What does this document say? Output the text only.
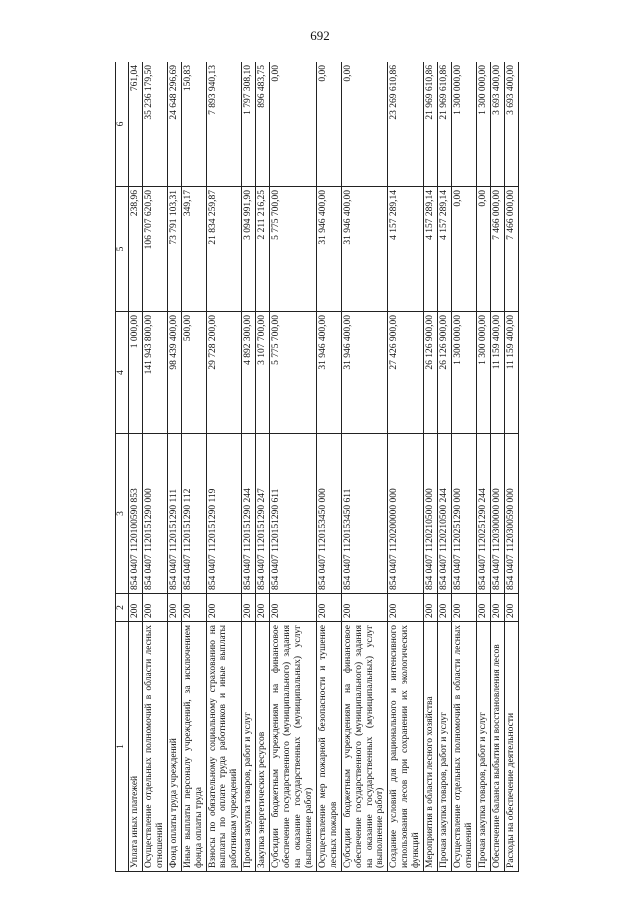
692
1	2	3	4	5	6
Уплата иных платежей	200	854 0407 1120100590 853	1 000,00	238,96	761,04
Осуществление отдельных полномочий в области лесных отношений	200	854 0407 1120151290 000	141 943 800,00	106 707 620,50	35 236 179,50
Фонд оплаты труда учреждений	200	854 0407 1120151290 111	98 439 400,00	73 791 103,31	24 648 296,69
Иные выплаты персоналу учреждений, за исключением фонда оплаты труда	200	854 0407 1120151290 112	500,00	349,17	150,83
Взносы по обязательному социальному страхованию на выплаты по оплате труда работников и иные выплаты работникам учреждений	200	854 0407 1120151290 119	29 728 200,00	21 834 259,87	7 893 940,13
Прочая закупка товаров, работ и услуг	200	854 0407 1120151290 244	4 892 300,00	3 094 991,90	1 797 308,10
Закупка энергетических ресурсов	200	854 0407 1120151290 247	3 107 700,00	2 211 216,25	896 483,75
Субсидии бюджетным учреждениям на финансовое обеспечение государственного (муниципального) задания на оказание государственных (муниципальных) услуг (выполнение работ)	200	854 0407 1120151290 611	5 775 700,00	5 775 700,00	0,00
Осуществление мер пожарной безопасности и тушение лесных пожаров	200	854 0407 1120153450 000	31 946 400,00	31 946 400,00	0,00
Субсидии бюджетным учреждениям на финансовое обеспечение государственного (муниципального) задания на оказание государственных (муниципальных) услуг (выполнение работ)	200	854 0407 1120153450 611	31 946 400,00	31 946 400,00	0,00
Создание условий для рационального и интенсивного использования лесов при сохранении их экологических функций	200	854 0407 1120200000 000	27 426 900,00	4 157 289,14	23 269 610,86
Мероприятия в области лесного хозяйства	200	854 0407 1120210500 000	26 126 900,00	4 157 289,14	21 969 610,86
Прочая закупка товаров, работ и услуг	200	854 0407 1120210500 244	26 126 900,00	4 157 289,14	21 969 610,86
Осуществление отдельных полномочий в области лесных отношений	200	854 0407 1120251290 000	1 300 000,00	0,00	1 300 000,00
Прочая закупка товаров, работ и услуг	200	854 0407 1120251290 244	1 300 000,00	0,00	1 300 000,00
Обеспечение баланса выбытия и восстановления лесов	200	854 0407 1120300000 000	11 159 400,00	7 466 000,00	3 693 400,00
Расходы на обеспечение деятельности	200	854 0407 1120300590 000	11 159 400,00	7 466 000,00	3 693 400,00
